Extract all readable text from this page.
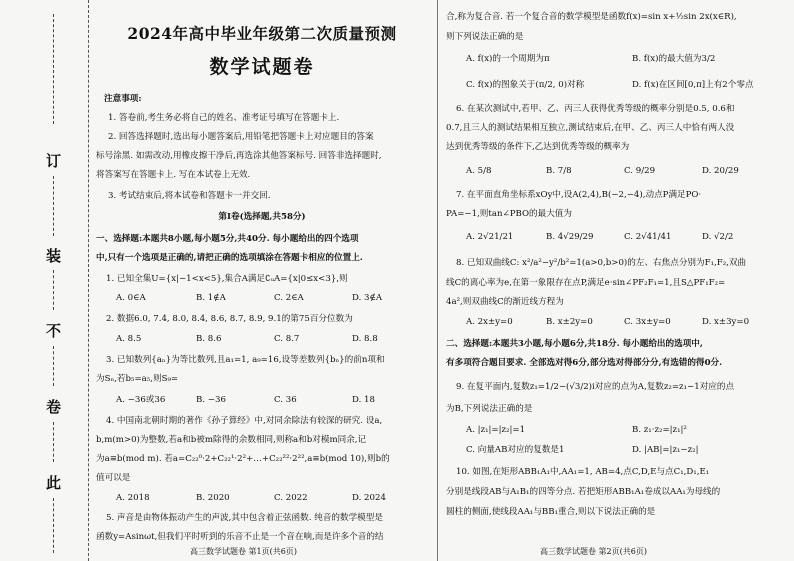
订
装
不
卷
此
2024年高中毕业年级第二次质量预测
数学试题卷
注意事项:
1. 答卷前,考生务必将自己的姓名、准考证号填写在答题卡上.
2. 回答选择题时,选出每小题答案后,用铅笔把答题卡上对应题目的答案
标号涂黑. 如需改动,用橡皮擦干净后,再选涂其他答案标号. 回答非选择题时,
将答案写在答题卡上. 写在本试卷上无效.
3. 考试结束后,将本试卷和答题卡一并交回.
第Ⅰ卷(选择题,共58分)
一、选择题:本题共8小题,每小题5分,共40分. 每小题给出的四个选项
中,只有一个选项是正确的,请把正确的选项填涂在答题卡相应的位置上.
1. 已知全集U={x|−1<x<5},集合A满足∁ᵤA={x|0≤x<3},则
A. 0∈A	B. 1∉A	C. 2∈A	D. 3∉A
2. 数据6.0, 7.4, 8.0, 8.4, 8.6, 8.7, 8.9, 9.1的第75百分位数为
A. 8.5	B. 8.6	C. 8.7	D. 8.8
3. 已知数列{aₙ}为等比数列,且a₁=1, a₉=16,设等差数列{bₙ}的前n项和
为Sₙ,若b₅=a₅,则S₉=
A. −36或36	B. −36	C. 36	D. 18
4. 中国南北朝时期的著作《孙子算经》中,对同余除法有较深的研究. 设a,
b,m(m>0)为整数,若a和b被m除得的余数相同,则称a和b对模m同余,记
为a≡b(mod m). 若a=C₂₂⁰·2+C₂₂¹·2²+…+C₂₂²²·2²²,a≡b(mod 10),则b的
值可以是
A. 2018	B. 2020	C. 2022	D. 2024
5. 声音是由物体振动产生的声波,其中包含着正弦函数. 纯音的数学模型是
函数y=Asinωt,但我们平时听到的乐音不止是一个音在响,而是许多个音的结
高三数学试题卷 第1页(共6页)
合,称为复合音. 若一个复合音的数学模型是函数f(x)=sin x+½sin 2x(x∈R),
则下列说法正确的是
A. f(x)的一个周期为π	B. f(x)的最大值为3/2
C. f(x)的图象关于(π/2, 0)对称	D. f(x)在区间[0,π]上有2个零点
6. 在某次测试中,若甲、乙、丙三人获得优秀等级的概率分别是0.5, 0.6和
0.7,且三人的测试结果相互独立,测试结束后,在甲、乙、丙三人中恰有两人没
达到优秀等级的条件下,乙达到优秀等级的概率为
A. 5/8	B. 7/8	C. 9/29	D. 20/29
7. 在平面直角坐标系xOy中,设A(2,4),B(−2,−4),动点P满足PO·
PA=−1,则tan∠PBO的最大值为
A. 2√21/21	B. 4√29/29	C. 2√41/41	D. √2/2
8. 已知双曲线C: x²/a²−y²/b²=1(a>0,b>0)的左、右焦点分别为F₁,F₂,双曲
线C的离心率为e,在第一象限存在点P,满足e·sin∠PF₂F₁=1,且S△PF₁F₂=
4a²,则双曲线C的渐近线方程为
A. 2x±y=0	B. x±2y=0	C. 3x±y=0	D. x±3y=0
二、选择题:本题共3小题,每小题6分,共18分. 每小题给出的选项中,
有多项符合题目要求. 全部选对得6分,部分选对得部分分,有选错的得0分.
9. 在复平面内,复数z₁=1/2−(√3/2)i对应的点为A,复数z₂=z₁−1对应的点
为B,下列说法正确的是
A. |z₁|=|z₂|=1	B. z₁·z₂=|z₁|²
C. 向量AB对应的复数是1	D. |AB|=|z₁−z₂|
10. 如图,在矩形ABB₁A₁中,AA₁=1, AB=4,点C,D,E与点C₁,D₁,E₁
分别是线段AB与A₁B₁的四等分点. 若把矩形ABB₁A₁卷成以AA₁为母线的
圆柱的侧面,使线段AA₁与BB₁重合,则以下说法正确的是
高三数学试题卷 第2页(共6页)
